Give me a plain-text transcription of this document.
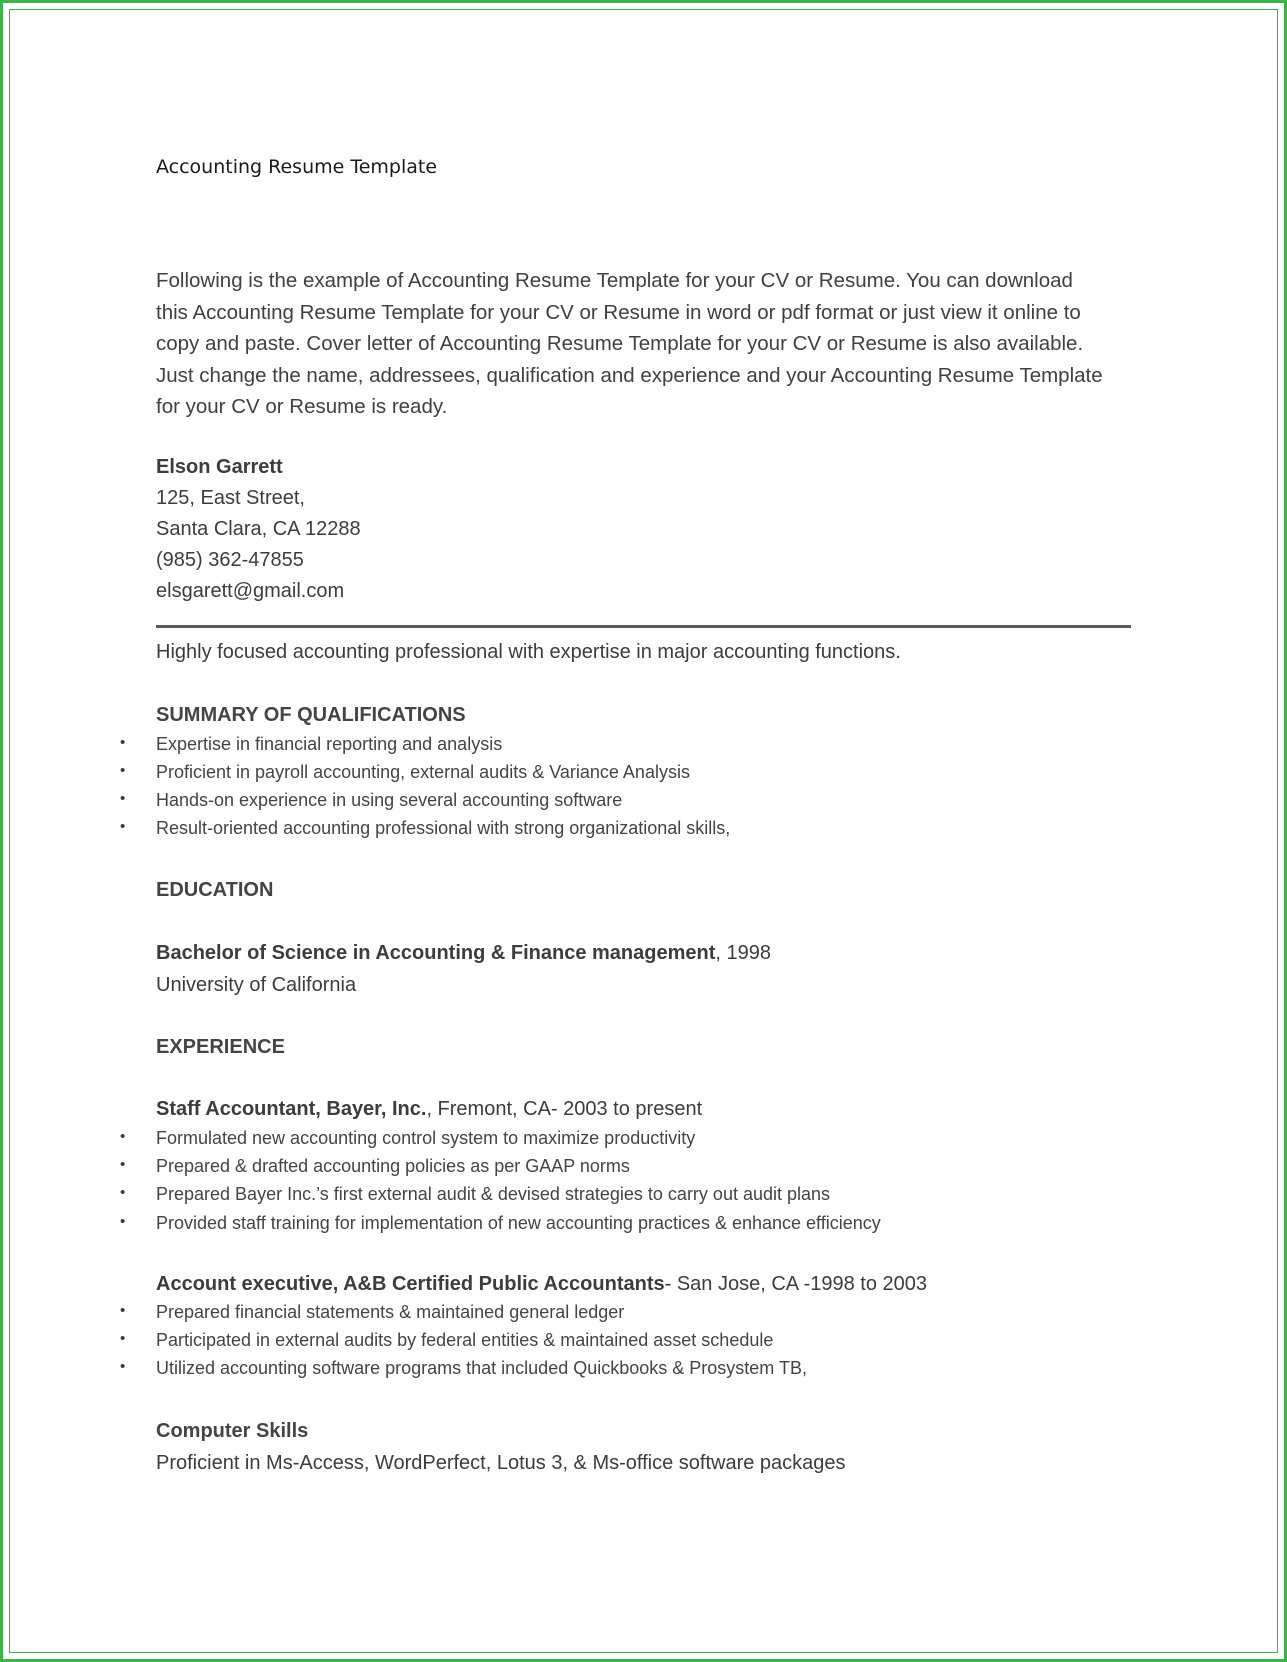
Accounting Resume Template

Following is the example of Accounting Resume Template for your CV or Resume. You can download

this Accounting Resume Template for your CV or Resume in word or pdf format or just view it online to

copy and paste. Cover letter of Accounting Resume Template for your CV or Resume is also available.

Just change the name, addressees, qualification and experience and your Accounting Resume Template

for your CV or Resume is ready.

Elson Garrett
125, East Street,
Santa Clara, CA 12288
(985) 362-47855
elsgarett@gmail.com
Highly focused accounting professional with expertise in major accounting functions.
SUMMARY OF QUALIFICATIONS
• Expertise in financial reporting and analysis
• Proficient in payroll accounting, external audits & Variance Analysis
• Hands-on experience in using several accounting software
• Result-oriented accounting professional with strong organizational skills,
EDUCATION
Bachelor of Science in Accounting & Finance management, 1998
University of California
EXPERIENCE
Staff Accountant, Bayer, Inc., Fremont, CA- 2003 to present
• Formulated new accounting control system to maximize productivity
• Prepared & drafted accounting policies as per GAAP norms
• Prepared Bayer Inc.’s first external audit & devised strategies to carry out audit plans
• Provided staff training for implementation of new accounting practices & enhance efficiency
Account executive, A&B Certified Public Accountants- San Jose, CA -1998 to 2003
• Prepared financial statements & maintained general ledger
• Participated in external audits by federal entities & maintained asset schedule
• Utilized accounting software programs that included Quickbooks & Prosystem TB,
Computer Skills
Proficient in Ms-Access, WordPerfect, Lotus 3, & Ms-office software packages
